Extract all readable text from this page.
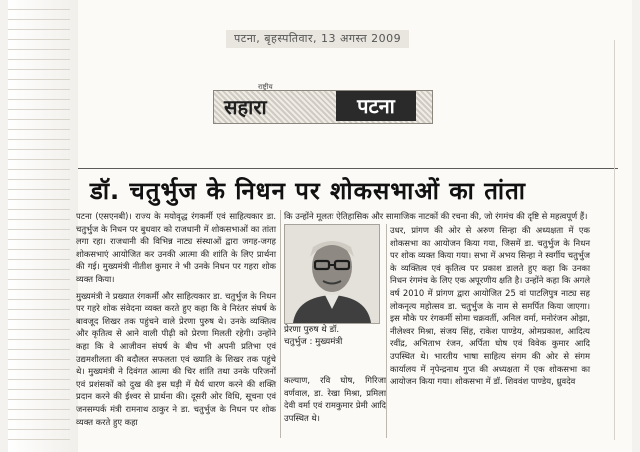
पटना, बृहस्पतिवार, 13 अगस्त 2009
राष्ट्रीय
सहारा	पटना
डॉ. चतुर्भुज के निधन पर शोकसभाओं का तांता

पटना (एसएनबी)। राज्य के मयोवृद्ध रंगकर्मी एवं साहित्यकार डा. चतुर्भुज के निधन पर बुधवार को राजधानी में शोकसभाओं का तांता लगा रहा। राजधानी की विभिन्न नाट्य संस्थाओं द्वारा जगह-जगह शोकसभाएं आयोजित कर उनकी आत्मा की शांति के लिए प्रार्थना की गई। मुख्यमंत्री नीतीश कुमार ने भी उनके निधन पर गहरा शोक व्यक्त किया।

मुख्यमंत्री ने प्रख्यात रंगकर्मी और साहित्यकार डा. चतुर्भुज के निधन पर गहरे शोक संवेदना व्यक्त करते हुए कहा कि वे निरंतर संघर्ष के बावजूद शिखर तक पहुंचने वाले प्रेरणा पुरुष थे। उनके व्यक्तित्व और कृतित्व से आने वाली पीढ़ी को प्रेरणा मिलती रहेगी। उन्होंने कहा कि वे आजीवन संघर्ष के बीच भी अपनी प्रतिभा एवं उद्यमशीलता की बदौलत सफलता एवं ख्याति के शिखर तक पहुंचे थे। मुख्यमंत्री ने दिवंगत आत्मा की चिर शांति तथा उनके परिजनों एवं प्रशंसकों को दुख की इस घड़ी में धैर्य धारण करने की शक्ति प्रदान करने की ईश्वर से प्रार्थना की। दूसरी ओर विधि, सूचना एवं जनसम्पर्क मंत्री रामनाथ ठाकुर ने डा. चतुर्भुज के निधन पर शोक व्यक्त करते हुए कहा

कि उन्होंने मूलतः ऐतिहासिक और सामाजिक नाटकों की रचना की, जो रंगमंच की दृष्टि से महत्वपूर्ण हैं।

प्रेरणा पुरुष थे डॉ.
चतुर्भुज : मुख्यमंत्री

कल्याण, रवि घोष, गिरिजा वर्णवाल, डा. रेखा मिश्रा, प्रमिला देवी वर्मा एवं रामकुमार प्रेमी आदि उपस्थित थे।

उधर, प्रांगण की ओर से अरुण सिन्हा की अध्यक्षता में एक शोकसभा का आयोजन किया गया, जिसमें डा. चतुर्भुज के निधन पर शोक व्यक्त किया गया। सभा में अभय सिन्हा ने स्वर्गीय चतुर्भुज के व्यक्तित्व एवं कृतित्व पर प्रकाश डालते हुए कहा कि उनका निधन रंगमंच के लिए एक अपूरणीय क्षति है। उन्होंने कहा कि अगले वर्ष 2010 में प्रांगण द्वारा आयोजित 25 वां पाटलिपुत्र नाट्य सह लोकनृत्य महोत्सव डा. चतुर्भुज के नाम से समर्पित किया जाएगा। इस मौके पर रंगकर्मी सोमा चक्रवर्ती, अनिल वर्मा, मनोरंजन ओझा, नीलेश्वर मिश्रा, संजय सिंह, राकेश पाण्डेय, ओमप्रकाश, आदित्य रवींद्र, अभिताभ रंजन, अर्पिता घोष एवं विवेक कुमार आदि उपस्थित थे। भारतीय भाषा साहित्य संगम की ओर से संगम कार्यालय में नृपेन्द्रनाथ गुप्त की अध्यक्षता में एक शोकसभा का आयोजन किया गया। शोकसभा में डॉ. शिववंश पाण्डेय, ध्रुवदेव
